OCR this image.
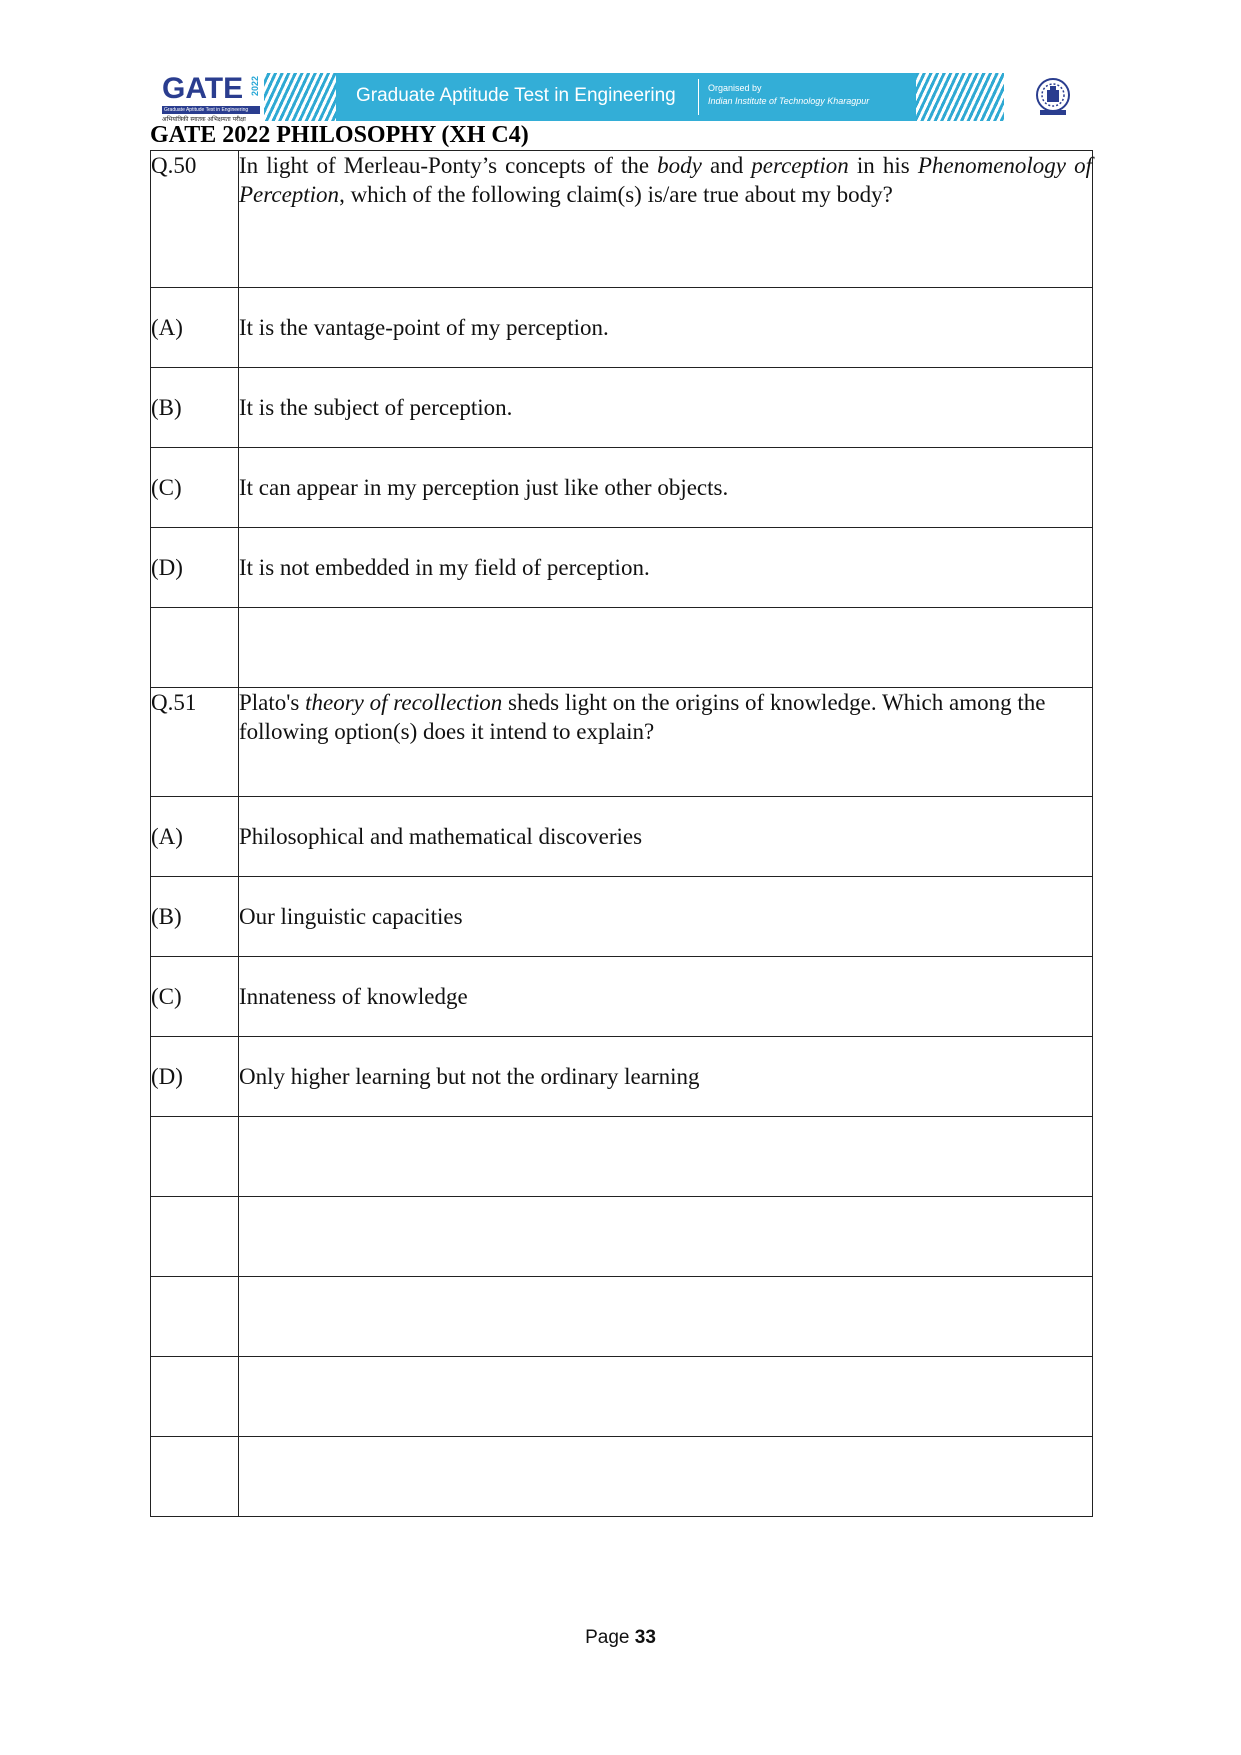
GATE 2022
Graduate Aptitude Test in Engineering
अभियांत्रिकी स्नातक अभिक्षमता परीक्षा
Graduate Aptitude Test in Engineering	Organised by
Indian Institute of Technology Kharagpur
GATE 2022 PHILOSOPHY (XH C4)
Q.50	In light of Merleau-Ponty’s concepts of the body and perception in his Phenomenology of Perception, which of the following claim(s) is/are true about my body?
(A)	It is the vantage-point of my perception.
(B)	It is the subject of perception.
(C)	It can appear in my perception just like other objects.
(D)	It is not embedded in my field of perception.

Q.51	Plato's theory of recollection sheds light on the origins of knowledge. Which among the following option(s) does it intend to explain?
(A)	Philosophical and mathematical discoveries
(B)	Our linguistic capacities
(C)	Innateness of knowledge
(D)	Only higher learning but not the ordinary learning

Page 33
